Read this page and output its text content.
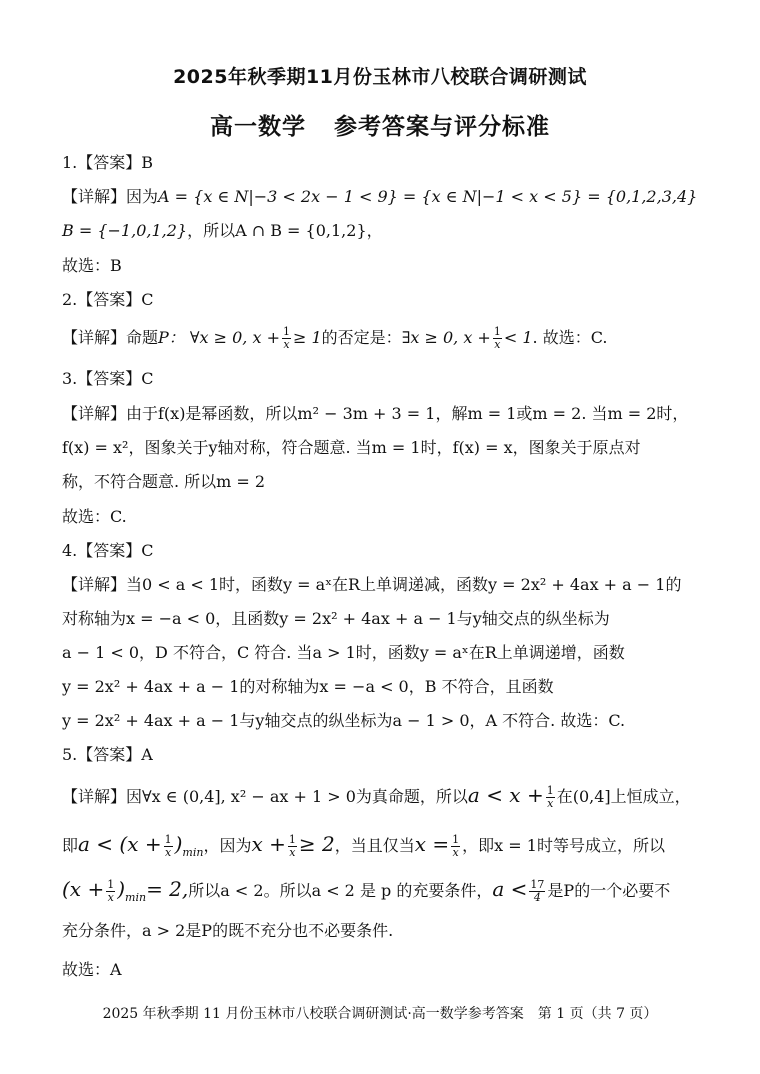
2025年秋季期11月份玉林市八校联合调研测试
高一数学 参考答案与评分标准
1.【答案】B
【详解】因为A = {x ∈ N|−3 < 2x − 1 < 9} = {x ∈ N|−1 < x < 5} = {0,1,2,3,4}
B = {−1,0,1,2}，所以A ∩ B = {0,1,2}，
故选：B
2.【答案】C
【详解】命题P： ∀x ≥ 0, $x + \frac{1}{x} \ge 1$的否定是：∃x ≥ 0, $x + \frac{1}{x} < 1$. 故选：C.
3.【答案】C
【详解】由于f(x)是幂函数，所以m² − 3m + 3 = 1，解m = 1或m = 2. 当m = 2时，
f(x) = x²，图象关于y轴对称，符合题意. 当m = 1时，f(x) = x，图象关于原点对
称，不符合题意. 所以m = 2
故选：C.
4.【答案】C
【详解】当0 < a < 1时，函数y = aˣ在R上单调递减，函数y = 2x² + 4ax + a − 1的
对称轴为x = −a < 0，且函数y = 2x² + 4ax + a − 1与y轴交点的纵坐标为
a − 1 < 0，D 不符合，C 符合. 当a > 1时，函数y = aˣ在R上单调递增，函数
y = 2x² + 4ax + a − 1的对称轴为x = −a < 0，B 不符合，且函数
y = 2x² + 4ax + a − 1与y轴交点的纵坐标为a − 1 > 0，A 不符合. 故选：C.
5.【答案】A
【详解】因∀x ∈ (0,4], x² − ax + 1 > 0为真命题，所以$a < x + \frac{1}{x}$ 在(0,4]上恒成立，
即$a < (x + \frac{1}{x} )_{min}$，因为$x + \frac{1}{x} \ge 2$，当且仅当$x = \frac{1}{x}$ ，即x = 1时等号成立，所以
$(x + \frac{1}{x} )_{min}= 2$,所以a < 2。所以a < 2 是 p 的充要条件，$a < \frac{17}{4}$ 是P的一个必要不
充分条件，a > 2是P的既不充分也不必要条件.
故选：A
2025 年秋季期 11 月份玉林市八校联合调研测试·高一数学参考答案　第 1 页（共 7 页）
